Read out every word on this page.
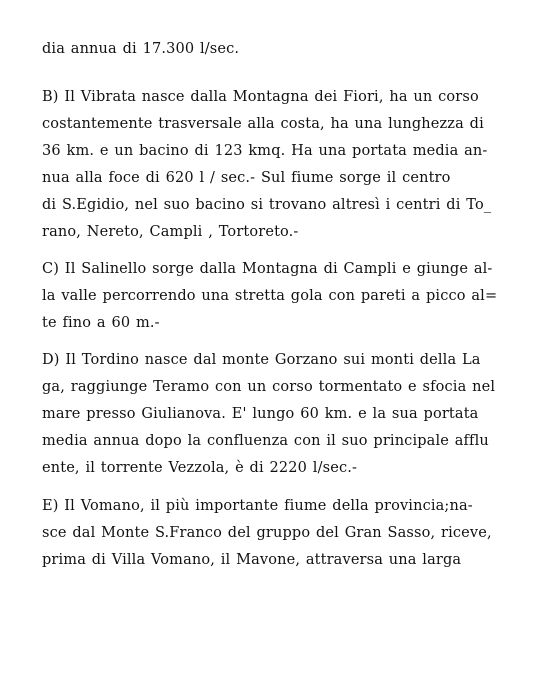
dia annua di 17.300 l/sec.
B) Il Vibrata nasce dalla Montagna dei Fiori, ha un corso
costantemente trasversale alla costa, ha una lunghezza di
36 km. e un bacino di 123 kmq. Ha una portata media an-
nua alla foce di 620 l / sec.- Sul fiume sorge il centro
di S.Egidio, nel suo bacino si trovano altresì i centri di To_
rano, Nereto, Campli , Tortoreto.-
C) Il Salinello sorge dalla Montagna di Campli e giunge al-
la valle percorrendo una stretta gola con pareti a picco al=
te fino a 60 m.-
D) Il Tordino nasce dal monte Gorzano sui monti della La
ga, raggiunge Teramo con un corso tormentato e sfocia nel
mare presso Giulianova. E' lungo 60 km. e la sua portata
media annua dopo la confluenza con il suo principale afflu
ente, il torrente Vezzola, è di 2220 l/sec.-
E) Il Vomano, il più importante fiume della provincia;na-
sce dal Monte S.Franco del gruppo del Gran Sasso, riceve,
prima di Villa Vomano, il Mavone, attraversa una larga
